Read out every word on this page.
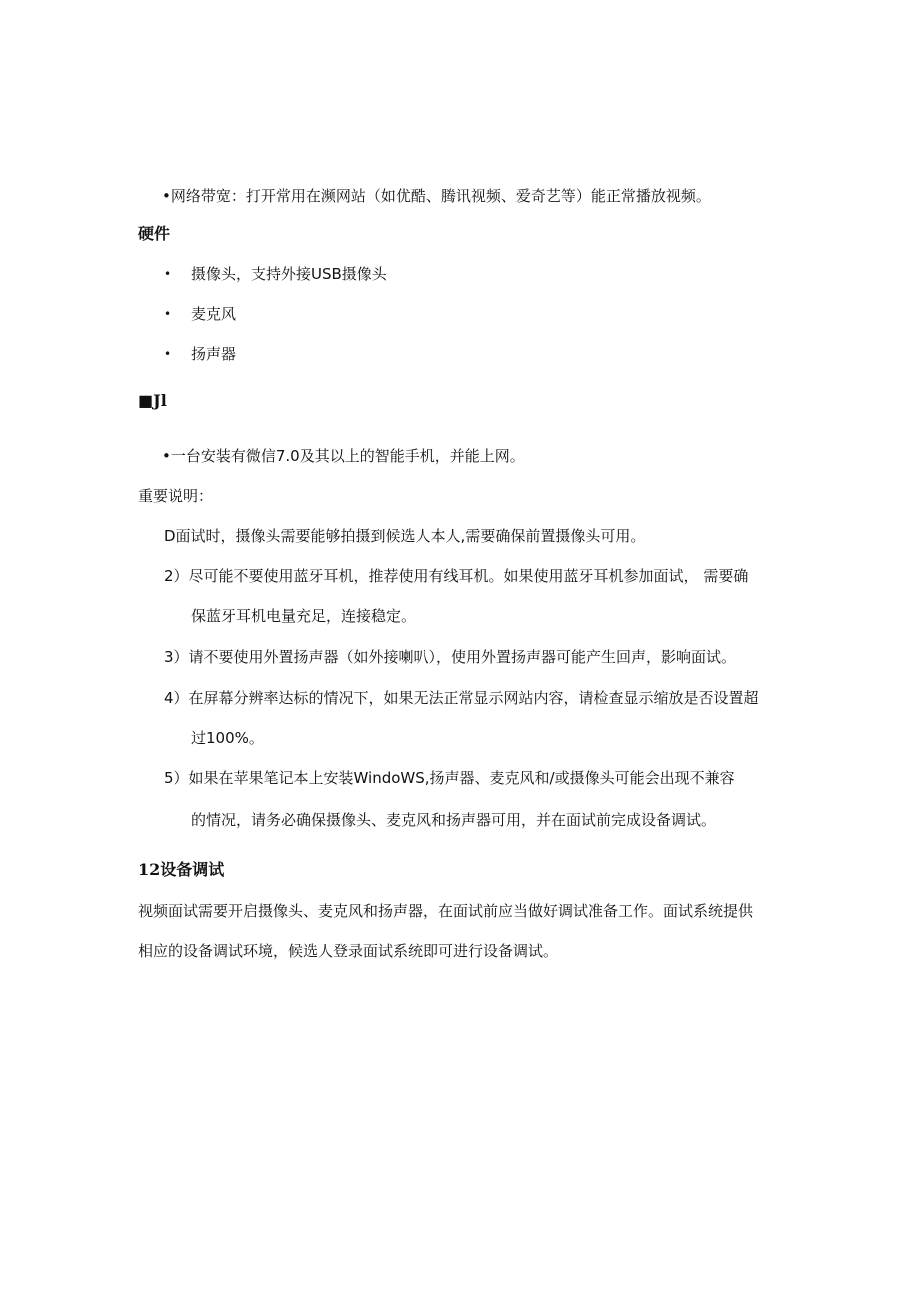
•网络带宽：打开常用在濒网站（如优酷、腾讯视频、爱奇艺等）能正常播放视频。
硬件
• 摄像头，支持外接USB摄像头
• 麦克风
• 扬声器
■Jl
•一台安装有微信7.0及其以上的智能手机，并能上网。
重要说明：
D面试时，摄像头需要能够拍摄到候选人本人,需要确保前置摄像头可用。
2）尽可能不要使用蓝牙耳机，推荐使用有线耳机。如果使用蓝牙耳机参加面试， 需要确
保蓝牙耳机电量充足，连接稳定。
3）请不要使用外置扬声器（如外接喇叭），使用外置扬声器可能产生回声，影响面试。
4）在屏幕分辨率达标的情况下，如果无法正常显示网站内容，请检查显示缩放是否设置超
过100%。
5）如果在苹果笔记本上安装WindoWS,扬声器、麦克风和/或摄像头可能会出现不兼容
的情况，请务必确保摄像头、麦克风和扬声器可用，并在面试前完成设备调试。
12设备调试
视频面试需要开启摄像头、麦克风和扬声器，在面试前应当做好调试准备工作。面试系统提供
相应的设备调试环境，候选人登录面试系统即可进行设备调试。
